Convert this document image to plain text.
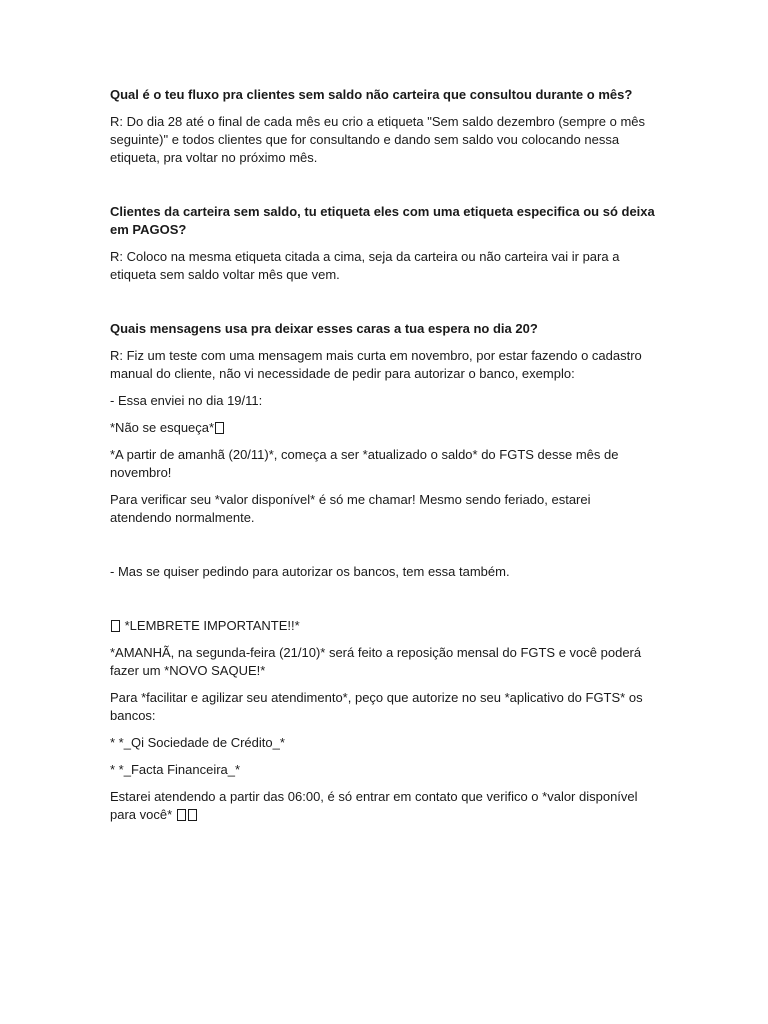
Qual é o teu fluxo pra clientes sem saldo não carteira que consultou durante o mês?

R: Do dia 28 até o final de cada mês eu crio a etiqueta "Sem saldo dezembro (sempre o mês seguinte)" e todos clientes que for consultando e dando sem saldo vou colocando nessa etiqueta, pra voltar no próximo mês.

Clientes da carteira sem saldo, tu etiqueta eles com uma etiqueta especifica ou só deixa em PAGOS?

R: Coloco na mesma etiqueta citada a cima, seja da carteira ou não carteira vai ir para a etiqueta sem saldo voltar mês que vem.

Quais mensagens usa pra deixar esses caras a tua espera no dia 20?

R: Fiz um teste com uma mensagem mais curta em novembro, por estar fazendo o cadastro manual do cliente, não vi necessidade de pedir para autorizar o banco, exemplo:

- Essa enviei no dia 19/11:

*Não se esqueça*

*A partir de amanhã (20/11)*, começa a ser *atualizado o saldo* do FGTS desse mês de novembro!

Para verificar seu *valor disponível* é só me chamar! Mesmo sendo feriado, estarei atendendo normalmente.

- Mas se quiser pedindo para autorizar os bancos, tem essa também.

*LEMBRETE IMPORTANTE!!*

*AMANHÃ, na segunda-feira (21/10)* será feito a reposição mensal do FGTS e você poderá fazer um *NOVO SAQUE!*

Para *facilitar e agilizar seu atendimento*, peço que autorize no seu *aplicativo do FGTS* os bancos:

* *_Qi Sociedade de Crédito_*

* *_Facta Financeira_*

Estarei atendendo a partir das 06:00, é só entrar em contato que verifico o *valor disponível para você*
